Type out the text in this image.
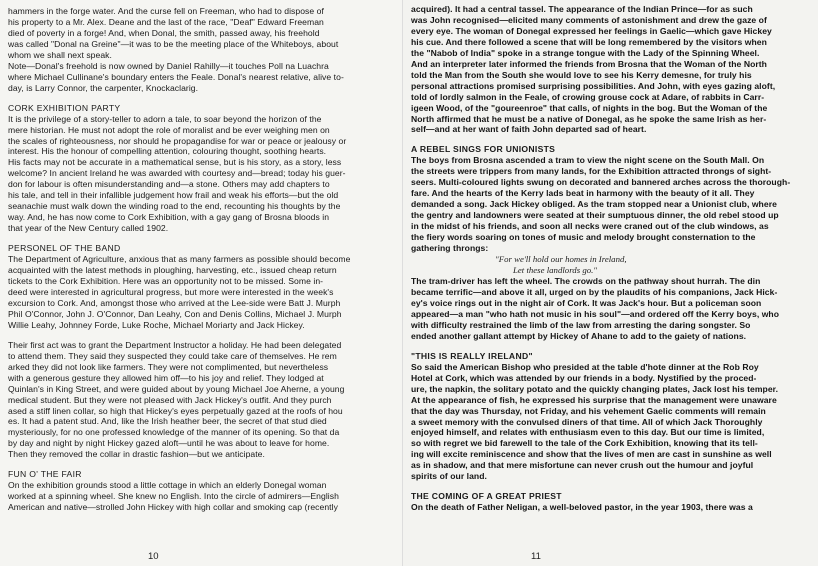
hammers in the forge water. And the curse fell on Freeman, who had to dispose of
his property to a Mr. Alex. Deane and the last of the race, "Deaf" Edward Freeman
died of poverty in a forge! And, when Donal, the smith, passed away, his freehold
was called "Donal na Greine"—it was to be the meeting place of the Whiteboys, about
whom we shall next speak.
Note—Donal's freehold is now owned by Daniel Rahilly—it touches Poll na Luachra
where Michael Cullinane's boundary enters the Feale. Donal's nearest relative, alive to-
day, is Larry Connor, the carpenter, Knockaclarig.
CORK EXHIBITION PARTY
It is the privilege of a story-teller to adorn a tale, to soar beyond the horizon of the
mere historian. He must not adopt the role of moralist and be ever weighing men on
the scales of righteousness, nor should he propagandise for war or peace or jealousy or
interest. His the honour of compelling attention, colouring thought, soothing hearts.
His facts may not be accurate in a mathematical sense, but is his story, as a story, less
welcome? In ancient Ireland he was awarded with courtesy and—bread; today his guer-
don for labour is often misunderstanding and—a stone. Others may add chapters to
his tale, and tell in their infallible judgement how frail and weak his efforts—but the old
seanachie must walk down the winding road to the end, recounting his thoughts by the
way. And, he has now come to Cork Exhibition, with a gay gang of Brosna bloods in
that year of the New Century called 1902.
PERSONEL OF THE BAND
The Department of Agriculture, anxious that as many farmers as possible should become
acquainted with the latest methods in ploughing, harvesting, etc., issued cheap return
tickets to the Cork Exhibition. Here was an opportunity not to be missed. Some in-
deed were interested in agricultural progress, but more were interested in the week's
excursion to Cork. And, amongst those who arrived at the Lee-side were Batt J. Murph
Phil O'Connor, John J. O'Connor, Dan Leahy, Con and Denis Collins, Michael J. Murph
Willie Leahy, Johnney Forde, Luke Roche, Michael Moriarty and Jack Hickey.
Their first act was to grant the Department Instructor a holiday. He had been delegated
to attend them. They said they suspected they could take care of themselves. He rem
arked they did not look like farmers. They were not complimented, but nevertheless
with a generous gesture they allowed him off—to his joy and relief. They lodged at
Quinlan's in King Street, and were guided about by young Michael Joe Aherne, a young
medical student. But they were not pleased with Jack Hickey's outfit. And they purch
ased a stiff linen collar, so high that Hickey's eyes perpetually gazed at the roofs of hou
es. It had a patent stud. And, like the Irish heather beer, the secret of that stud died
mysteriously, for no one professed knowledge of the manner of its opening. So that da
by day and night by night Hickey gazed aloft—until he was about to leave for home.
Then they removed the collar in drastic fashion—but we anticipate.
FUN O' THE FAIR
On the exhibition grounds stood a little cottage in which an elderly Donegal woman
worked at a spinning wheel. She knew no English. Into the circle of admirers—English
American and native—strolled John Hickey with high collar and smoking cap (recently
10
acquired). It had a central tassel. The appearance of the Indian Prince—for as such
was John recognised—elicited many comments of astonishment and drew the gaze of
every eye. The woman of Donegal expressed her feelings in Gaelic—which gave Hickey
his cue. And there followed a scene that will be long remembered by the visitors when
the "Nabob of India" spoke in a strange tongue with the Lady of the Spinning Wheel.
And an interpreter later informed the friends from Brosna that the Woman of the North
told the Man from the South she would love to see his Kerry demesne, for truly his
personal attractions promised surprising possibilities. And John, with eyes gazing aloft,
told of lordly salmon in the Feale, of crowing grouse cock at Adare, of rabbits in Carr-
igeen Wood, of the "goureenroe" that calls, of nights in the bog. But the Woman of the
North affirmed that he must be a native of Donegal, as he spoke the same Irish as her-
self—and at her want of faith John departed sad of heart.
A REBEL SINGS FOR UNIONISTS
The boys from Brosna ascended a tram to view the night scene on the South Mall. On
the streets were trippers from many lands, for the Exhibition attracted throngs of sight-
seers. Multi-coloured lights swung on decorated and bannered arches across the thorough-
fare. And the hearts of the Kerry lads beat in harmony with the beauty of it all. They
demanded a song. Jack Hickey obliged. As the tram stopped near a Unionist club, where
the gentry and landowners were seated at their sumptuous dinner, the old rebel stood up
in the midst of his friends, and soon all necks were craned out of the club windows, as
the fiery words soaring on tones of music and melody brought consternation to the
gathering throngs:
"For we'll hold our homes in Ireland,
Let these landlords go."
The tram-driver has left the wheel. The crowds on the pathway shout hurrah. The din
became terrific—and above it all, urged on by the plaudits of his companions, Jack Hick-
ey's voice rings out in the night air of Cork. It was Jack's hour. But a policeman soon
appeared—a man "who hath not music in his soul"—and ordered off the Kerry boys, who
with difficulty restrained the limb of the law from arresting the daring songster. So
ended another gallant attempt by Hickey of Ahane to add to the gaiety of nations.
"THIS IS REALLY IRELAND"
So said the American Bishop who presided at the table d'hote dinner at the Rob Roy
Hotel at Cork, which was attended by our friends in a body. Nystified by the proced-
ure, the napkin, the solitary potato and the quickly changing plates, Jack lost his temper.
At the appearance of fish, he expressed his surprise that the management were unaware
that the day was Thursday, not Friday, and his vehement Gaelic comments will remain
a sweet memory with the convulsed diners of that time. All of which Jack Thoroughly
enjoyed himself, and relates with enthusiasm even to this day. But our time is limited,
so with regret we bid farewell to the tale of the Cork Exhibition, knowing that its tell-
ing will excite reminiscence and show that the lives of men are cast in sunshine as well
as in shadow, and that mere misfortune can never crush out the humour and joyful
spirits of our land.
THE COMING OF A GREAT PRIEST
On the death of Father Neligan, a well-beloved pastor, in the year 1903, there was a
11
